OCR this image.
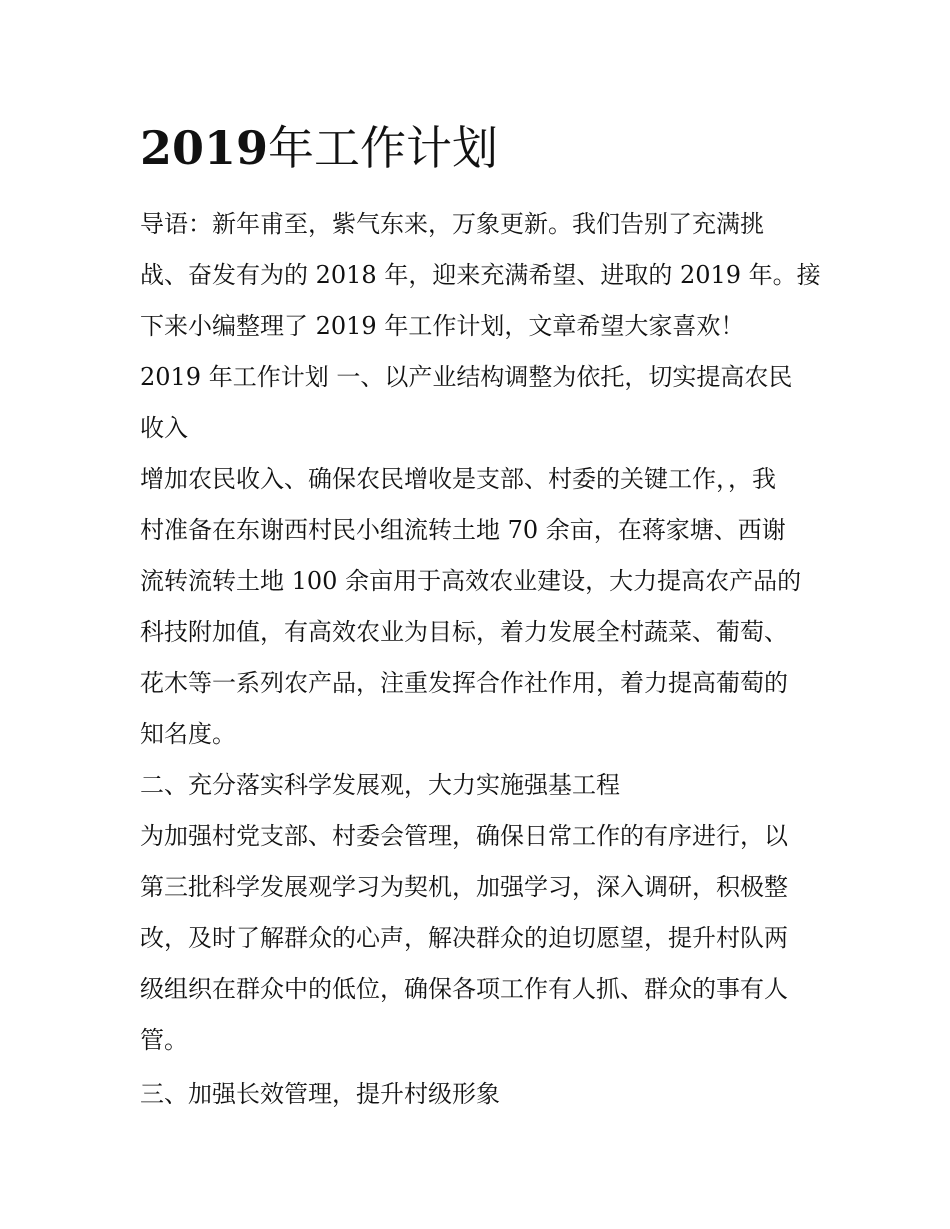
2019年工作计划
导语：新年甫至，紫气东来，万象更新。我们告别了充满挑
战、奋发有为的 2018 年，迎来充满希望、进取的 2019 年。接
下来小编整理了 2019 年工作计划，文章希望大家喜欢！
2019 年工作计划 一、以产业结构调整为依托，切实提高农民
收入
增加农民收入、确保农民增收是支部、村委的关键工作，，我
村准备在东谢西村民小组流转土地 70 余亩，在蒋家塘、西谢
流转流转土地 100 余亩用于高效农业建设，大力提高农产品的
科技附加值，有高效农业为目标，着力发展全村蔬菜、葡萄、
花木等一系列农产品，注重发挥合作社作用，着力提高葡萄的
知名度。
二、充分落实科学发展观，大力实施强基工程
为加强村党支部、村委会管理，确保日常工作的有序进行，以
第三批科学发展观学习为契机，加强学习，深入调研，积极整
改，及时了解群众的心声，解决群众的迫切愿望，提升村队两
级组织在群众中的低位，确保各项工作有人抓、群众的事有人
管。
三、加强长效管理，提升村级形象
